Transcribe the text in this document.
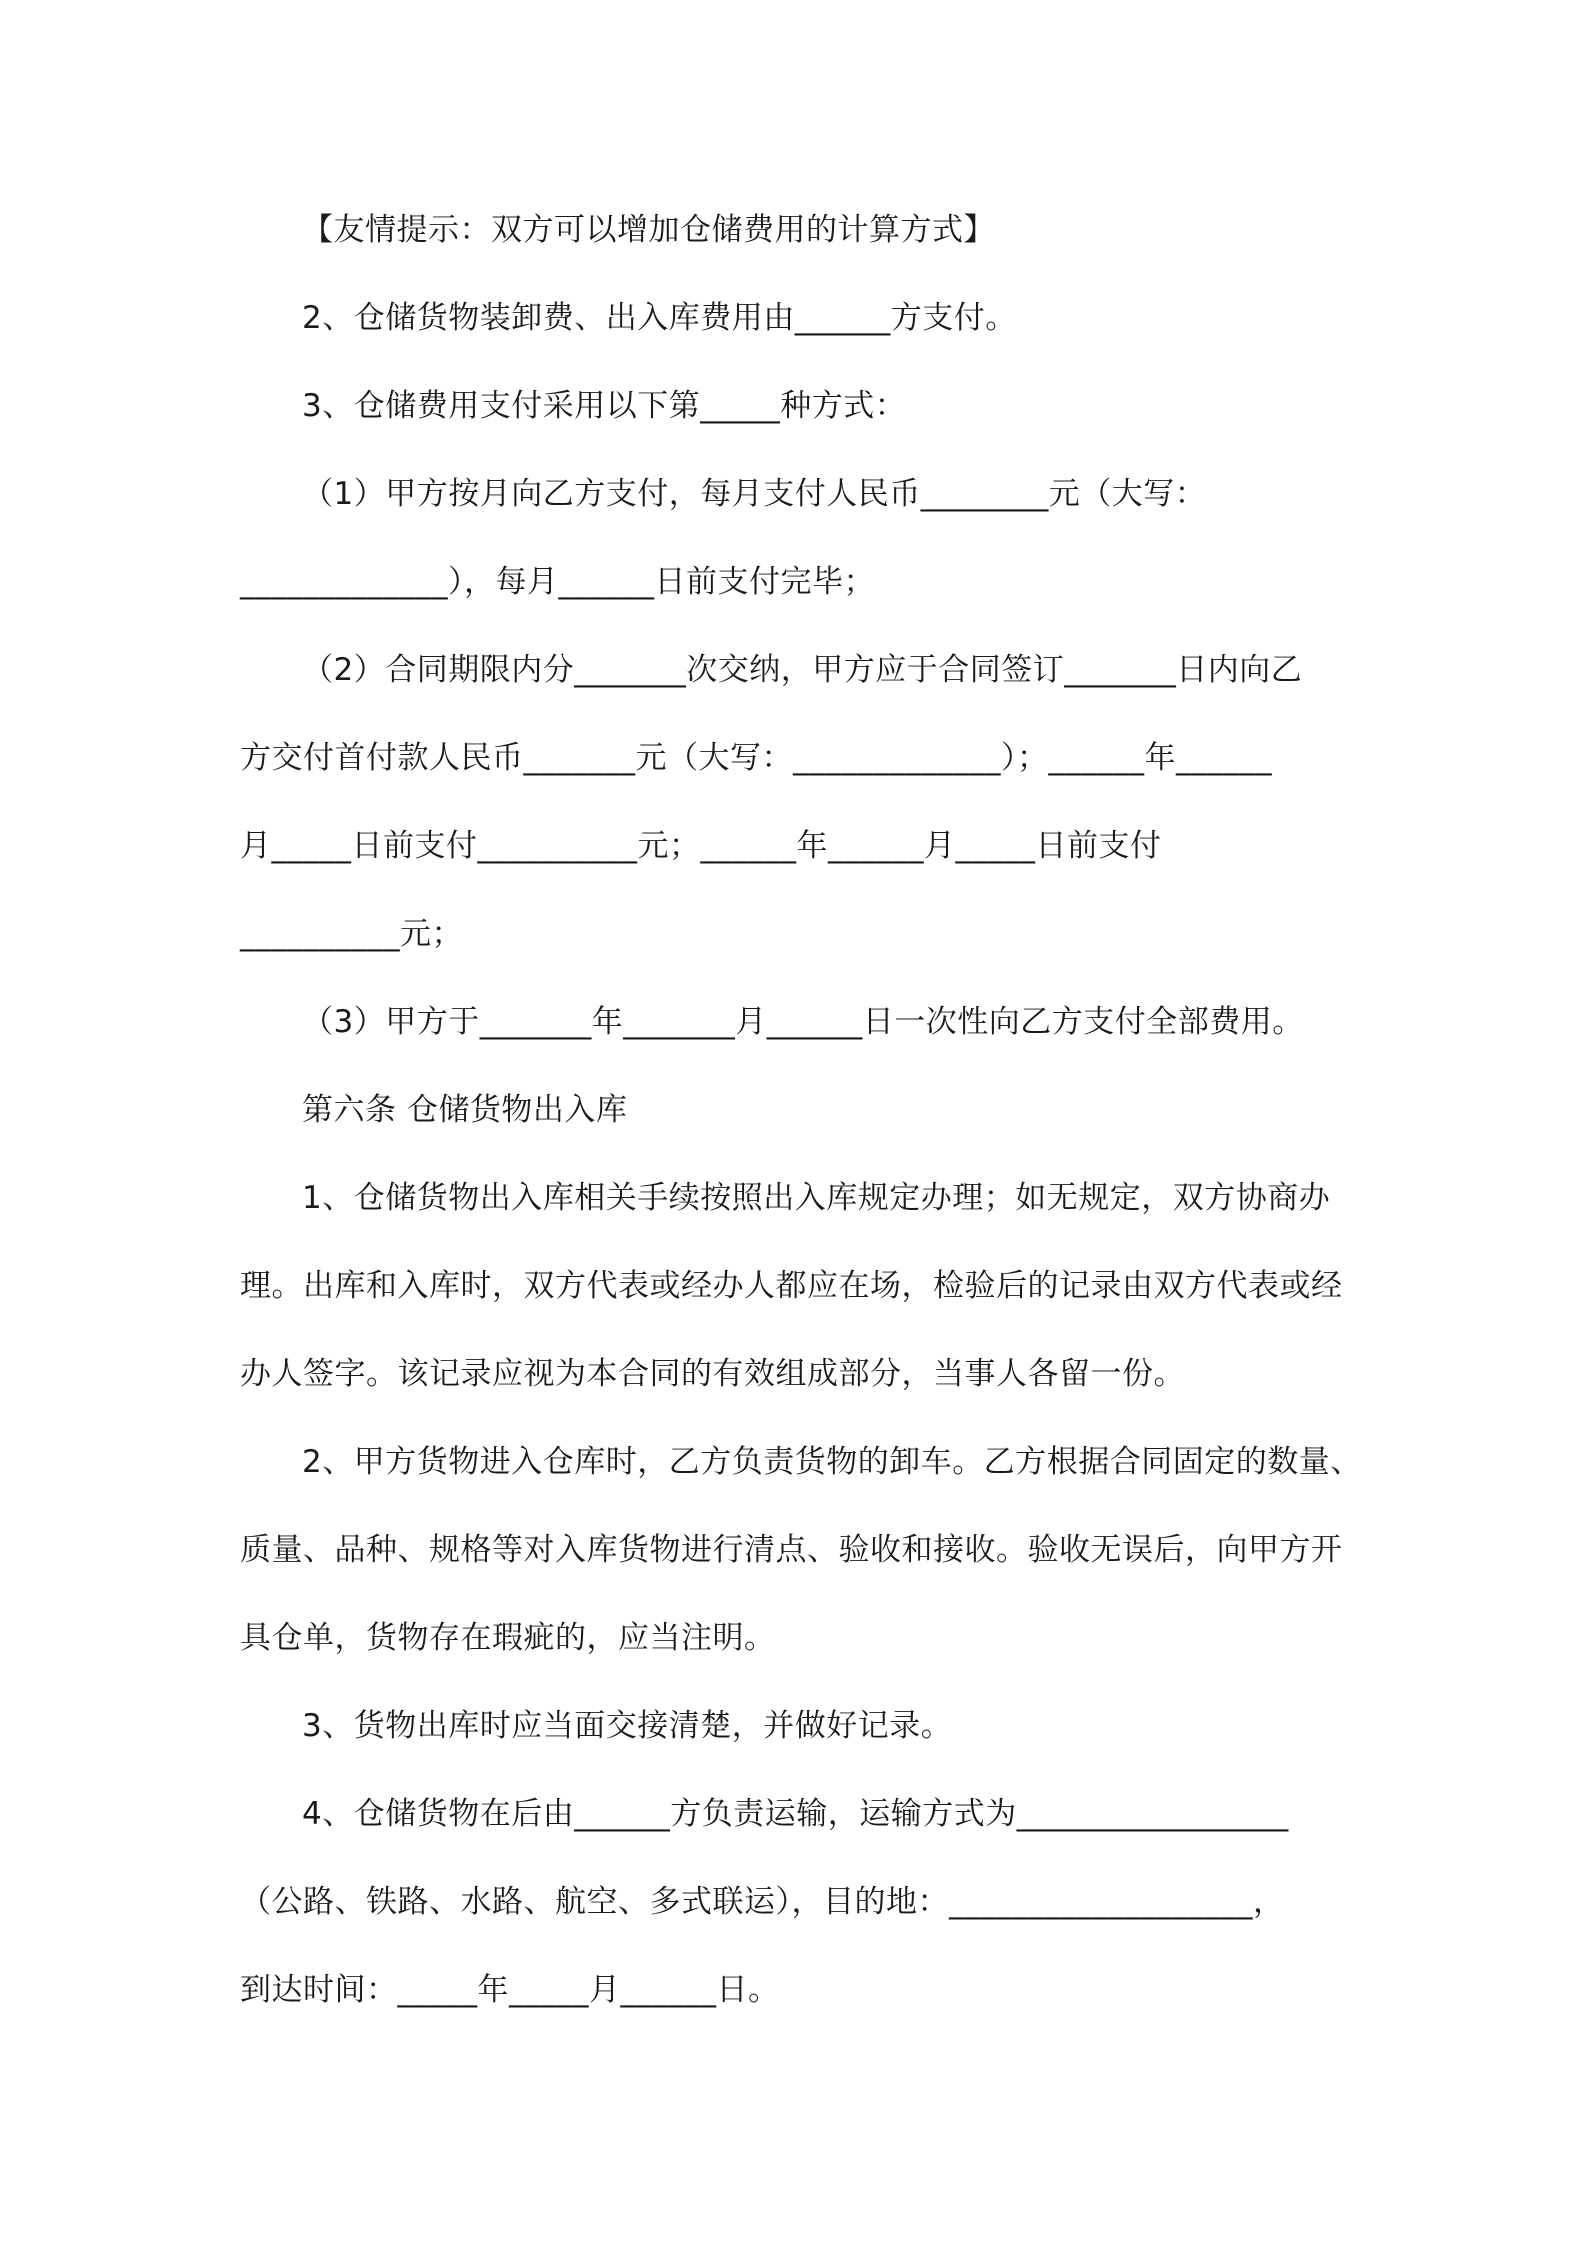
【友情提示：双方可以增加仓储费用的计算方式】
2、仓储货物装卸费、出入库费用由______方支付。
3、仓储费用支付采用以下第_____种方式：
（1）甲方按月向乙方支付，每月支付人民币________元（大写：
_____________），每月______日前支付完毕；
（2）合同期限内分_______次交纳，甲方应于合同签订_______日内向乙
方交付首付款人民币_______元（大写：_____________）；______年______
月_____日前支付__________元；______年______月_____日前支付
__________元；
（3）甲方于_______年_______月______日一次性向乙方支付全部费用。
第六条 仓储货物出入库
1、仓储货物出入库相关手续按照出入库规定办理；如无规定，双方协商办
理。出库和入库时，双方代表或经办人都应在场，检验后的记录由双方代表或经
办人签字。该记录应视为本合同的有效组成部分，当事人各留一份。
2、甲方货物进入仓库时，乙方负责货物的卸车。乙方根据合同固定的数量、
质量、品种、规格等对入库货物进行清点、验收和接收。验收无误后，向甲方开
具仓单，货物存在瑕疵的，应当注明。
3、货物出库时应当面交接清楚，并做好记录。
4、仓储货物在后由______方负责运输，运输方式为_________________
（公路、铁路、水路、航空、多式联运），目的地：___________________，
到达时间：_____年_____月______日。
